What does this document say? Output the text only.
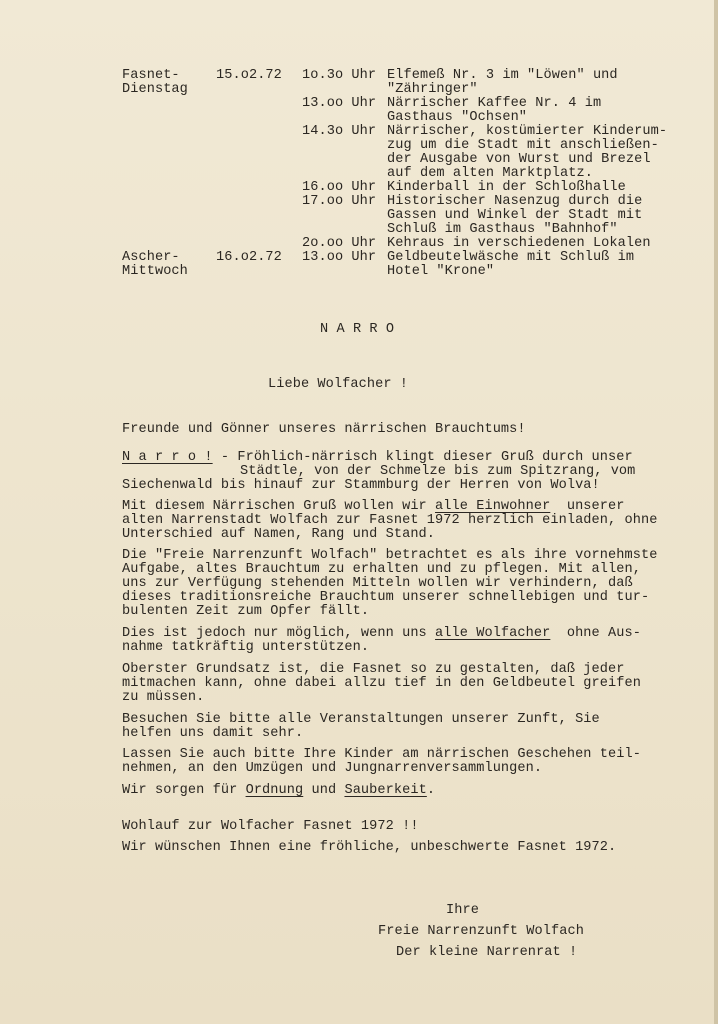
Fasnet-
Dienstag
15.o2.72 1o.3o Uhr Elfemeß Nr. 3 im "Löwen" und
"Zähringer"
13.oo Uhr Närrischer Kaffee Nr. 4 im
Gasthaus "Ochsen"
14.3o Uhr Närrischer, kostümierter Kinderum-
zug um die Stadt mit anschließen-
der Ausgabe von Wurst und Brezel
auf dem alten Marktplatz.
16.oo Uhr Kinderball in der Schloßhalle
17.oo Uhr Historischer Nasenzug durch die
Gassen und Winkel der Stadt mit
Schluß im Gasthaus "Bahnhof"
2o.oo Uhr Kehraus in verschiedenen Lokalen
Ascher-
Mittwoch
16.o2.72 13.oo Uhr Geldbeutelwäsche mit Schluß im
Hotel "Krone"
N A R R O
Liebe Wolfacher !
Freunde und Gönner unseres närrischen Brauchtums!
N a r r o ! - Fröhlich-närrisch klingt dieser Gruß durch unser
Städtle, von der Schmelze bis zum Spitzrang, vom
Siechenwald bis hinauf zur Stammburg der Herren von Wolva!
Mit diesem Närrischen Gruß wollen wir alle Einwohner  unserer
alten Narrenstadt Wolfach zur Fasnet 1972 herzlich einladen, ohne
Unterschied auf Namen, Rang und Stand.
Die "Freie Narrenzunft Wolfach" betrachtet es als ihre vornehmste
Aufgabe, altes Brauchtum zu erhalten und zu pflegen. Mit allen,
uns zur Verfügung stehenden Mitteln wollen wir verhindern, daß
dieses traditionsreiche Brauchtum unserer schnellebigen und tur-
bulenten Zeit zum Opfer fällt.
Dies ist jedoch nur möglich, wenn uns alle Wolfacher  ohne Aus-
nahme tatkräftig unterstützen.
Oberster Grundsatz ist, die Fasnet so zu gestalten, daß jeder
mitmachen kann, ohne dabei allzu tief in den Geldbeutel greifen
zu müssen.
Besuchen Sie bitte alle Veranstaltungen unserer Zunft, Sie
helfen uns damit sehr.
Lassen Sie auch bitte Ihre Kinder am närrischen Geschehen teil-
nehmen, an den Umzügen und Jungnarrenversammlungen.
Wir sorgen für Ordnung und Sauberkeit.
Wohlauf zur Wolfacher Fasnet 1972 !!
Wir wünschen Ihnen eine fröhliche, unbeschwerte Fasnet 1972.
Ihre
Freie Narrenzunft Wolfach
Der kleine Narrenrat !
